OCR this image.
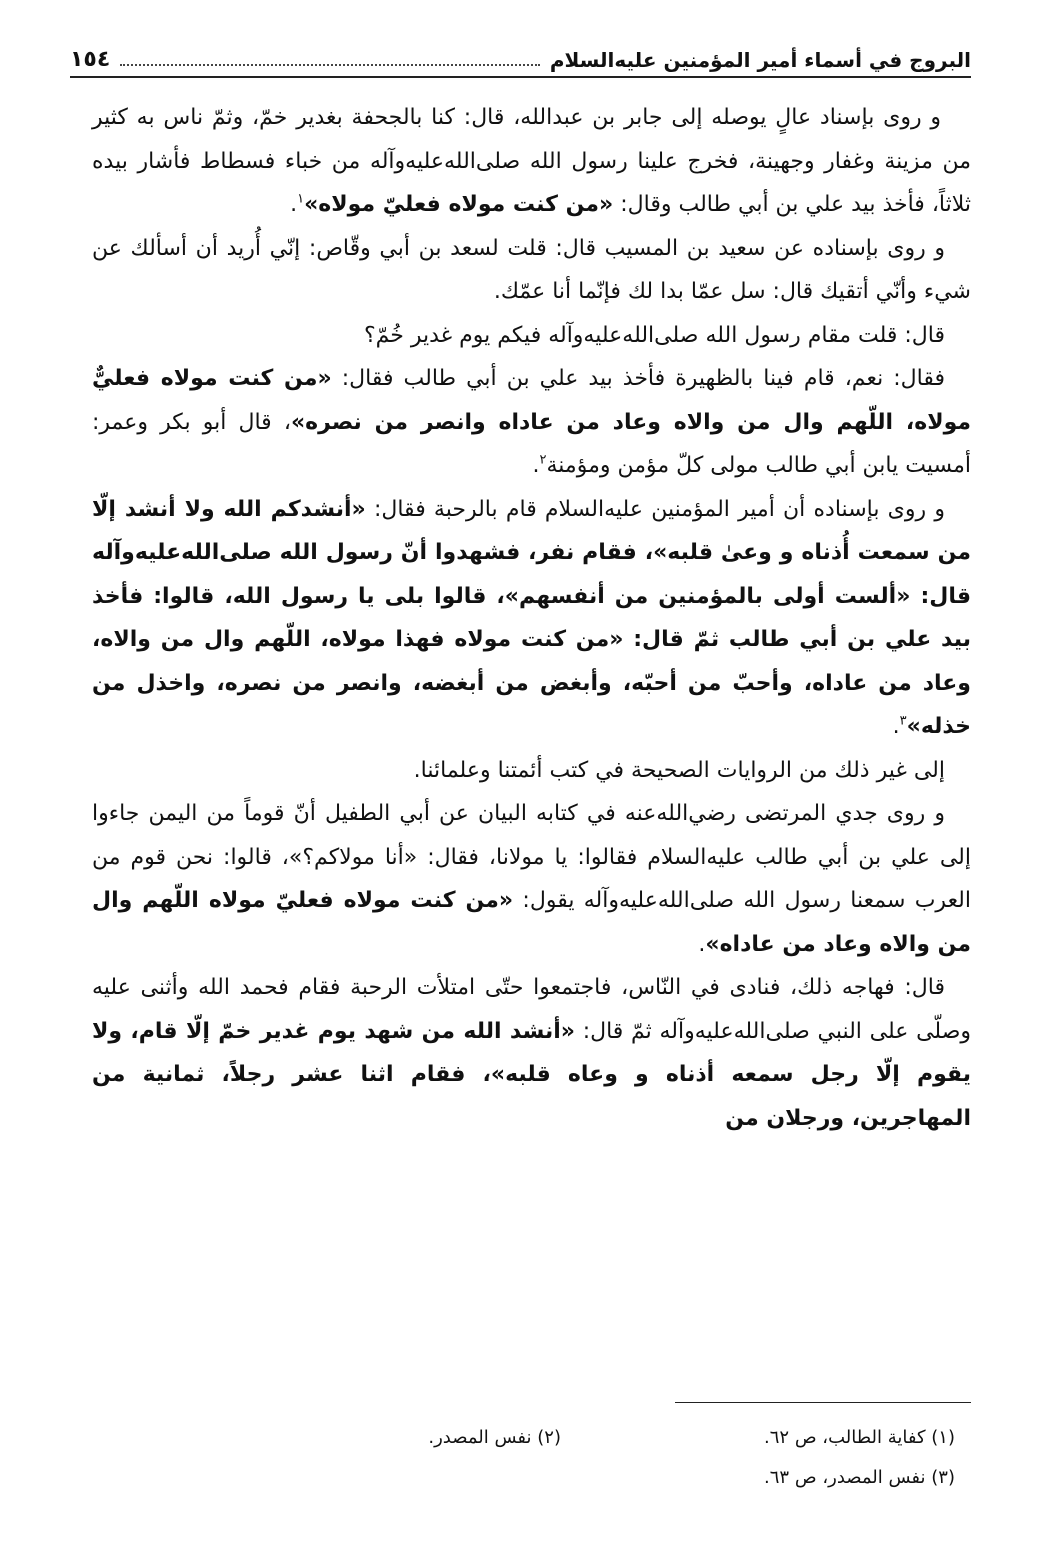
١٥٤	البروج في أسماء أمير المؤمنين عليه‌السلام

و روى بإسناد عالٍ يوصله إلى جابر بن عبدالله، قال: كنا بالجحفة بغدير خمّ، وثمّ ناس به كثير من مزينة وغفار وجهينة، فخرج علينا رسول الله صلى‌الله‌عليه‌وآله من خباء فسطاط فأشار بيده ثلاثاً، فأخذ بيد علي بن أبي طالب وقال: «من كنت مولاه فعليّ مولاه»$^١$.

و روى بإسناده عن سعيد بن المسيب قال: قلت لسعد بن أبي وقّاص: إنّي أُريد أن أسألك عن شيء وأنّي أتقيك قال: سل عمّا بدا لك فإنّما أنا عمّك.

قال: قلت مقام رسول الله صلى‌الله‌عليه‌وآله فيكم يوم غدير خُمّ؟

فقال: نعم، قام فينا بالظهيرة فأخذ بيد علي بن أبي طالب فقال: «من كنت مولاه فعليٌّ مولاه، اللّهم وال من والاه وعاد من عاداه وانصر من نصره»، قال أبو بكر وعمر: أمسيت يابن أبي طالب مولى كلّ مؤمن ومؤمنة$^٢$.

و روى بإسناده أن أمير المؤمنين عليه‌السلام قام بالرحبة فقال: «أنشدكم الله ولا أنشد إلّا من سمعت أُذناه و وعىٰ قلبه»، فقام نفر، فشهدوا أنّ رسول الله صلى‌الله‌عليه‌وآله قال: «ألست أولى بالمؤمنين من أنفسهم»، قالوا بلى يا رسول الله، قالوا: فأخذ بيد علي بن أبي طالب ثمّ قال: «من كنت مولاه فهذا مولاه، اللّهم وال من والاه، وعاد من عاداه، وأحبّ من أحبّه، وأبغض من أبغضه، وانصر من نصره، واخذل من خذله»$^٣$.

إلى غير ذلك من الروايات الصحيحة في كتب أئمتنا وعلمائنا.

و روى جدي المرتضى رضي‌الله‌عنه في كتابه البيان عن أبي الطفيل أنّ قوماً من اليمن جاءوا إلى علي بن أبي طالب عليه‌السلام فقالوا: يا مولانا، فقال: «أنا مولاكم؟»، قالوا: نحن قوم من العرب سمعنا رسول الله صلى‌الله‌عليه‌وآله يقول: «من كنت مولاه فعليّ مولاه اللّهم وال من والاه وعاد من عاداه».

قال: فهاجه ذلك، فنادى في النّاس، فاجتمعوا حتّى امتلأت الرحبة فقام فحمد الله وأثنى عليه وصلّى على النبي صلى‌الله‌عليه‌وآله ثمّ قال: «أنشد الله من شهد يوم غدير خمّ إلّا قام، ولا يقوم إلّا رجل سمعه أذناه و وعاه قلبه»، فقام اثنا عشر رجلاً، ثمانية من المهاجرين، ورجلان من

(١) كفاية الطالب، ص ٦٢.
(٢) نفس المصدر.
(٣) نفس المصدر، ص ٦٣.
